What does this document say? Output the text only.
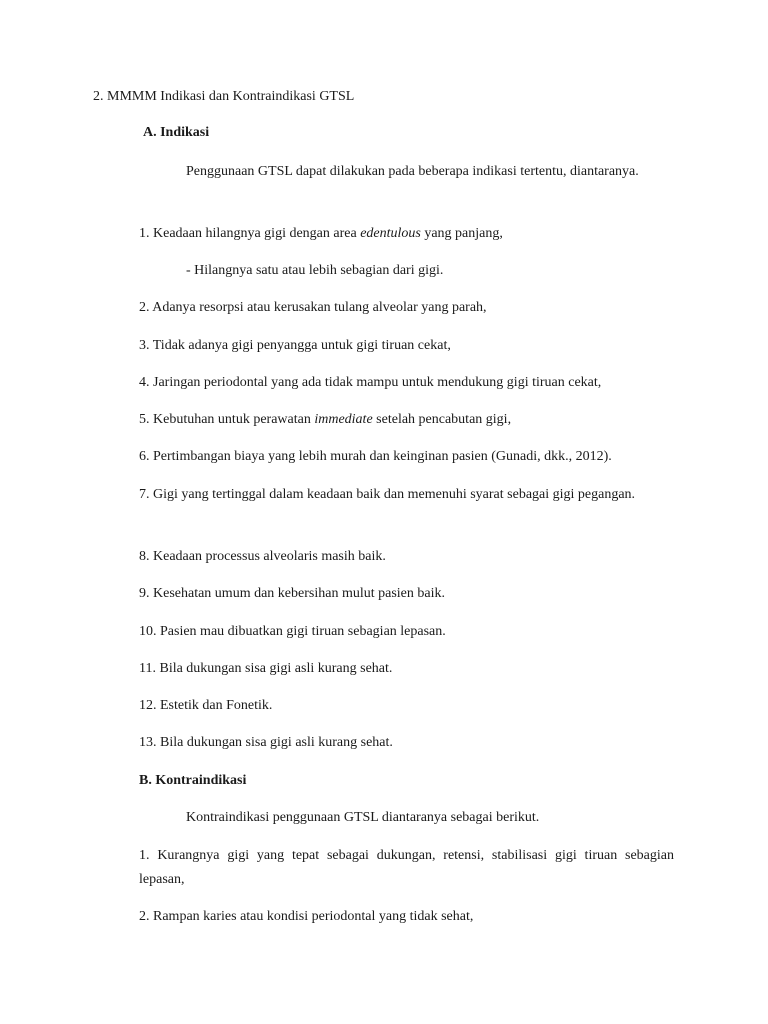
2. MMMM Indikasi dan Kontraindikasi GTSL
A. Indikasi
Penggunaan GTSL dapat dilakukan pada beberapa indikasi tertentu, diantaranya.
1. Keadaan hilangnya gigi dengan area edentulous yang panjang,
- Hilangnya satu atau lebih sebagian dari gigi.
2. Adanya resorpsi atau kerusakan tulang alveolar yang parah,
3. Tidak adanya gigi penyangga untuk gigi tiruan cekat,
4. Jaringan periodontal yang ada tidak mampu untuk mendukung gigi tiruan cekat,
5. Kebutuhan untuk perawatan immediate setelah pencabutan gigi,
6. Pertimbangan biaya yang lebih murah dan keinginan pasien (Gunadi, dkk., 2012).
7. Gigi yang tertinggal dalam keadaan baik dan memenuhi syarat sebagai gigi pegangan.
8. Keadaan processus alveolaris masih baik.
9. Kesehatan umum dan kebersihan mulut pasien baik.
10. Pasien mau dibuatkan gigi tiruan sebagian lepasan.
11. Bila dukungan sisa gigi asli kurang sehat.
12. Estetik dan Fonetik.
13. Bila dukungan sisa gigi asli kurang sehat.
B. Kontraindikasi
Kontraindikasi penggunaan GTSL diantaranya sebagai berikut.
1. Kurangnya gigi yang tepat sebagai dukungan, retensi, stabilisasi gigi tiruan sebagian lepasan,
2. Rampan karies atau kondisi periodontal yang tidak sehat,
